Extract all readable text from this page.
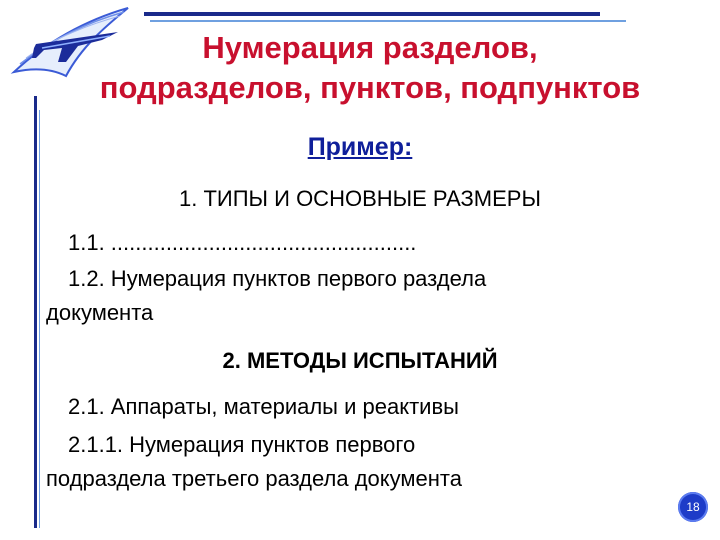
Нумерация разделов,
подразделов, пунктов, подпунктов
Пример:
1. ТИПЫ И ОСНОВНЫЕ РАЗМЕРЫ
1.1. ..................................................
1.2. Нумерация пунктов первого раздела
документа
2. МЕТОДЫ ИСПЫТАНИЙ
2.1. Аппараты, материалы и реактивы
2.1.1. Нумерация пунктов первого
подраздела третьего раздела документа
18
